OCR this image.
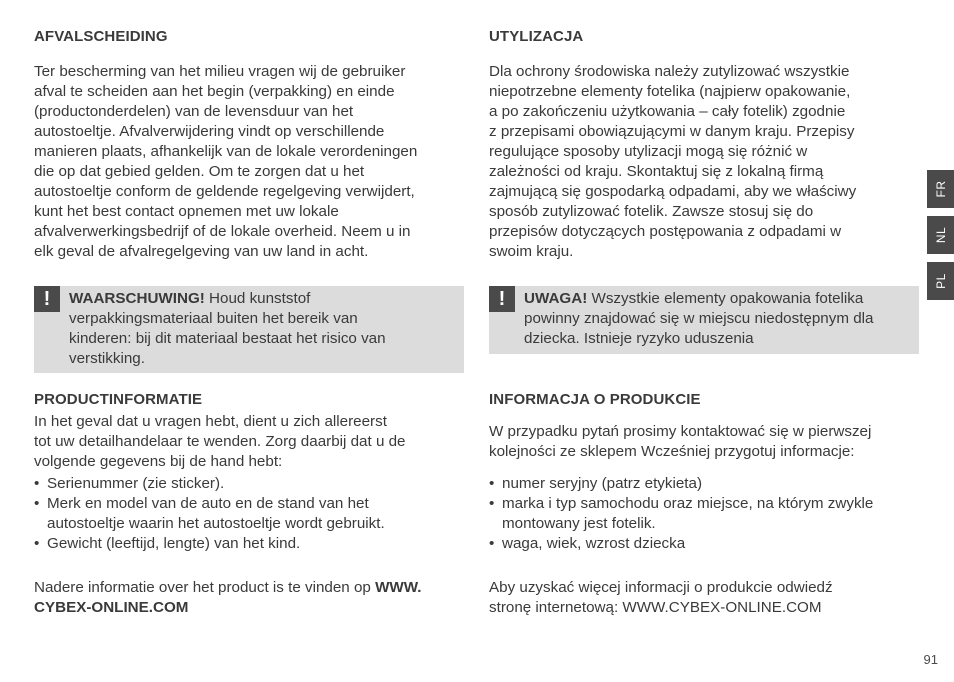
AFVALSCHEIDING
Ter bescherming van het milieu vragen wij de gebruiker
afval te scheiden aan het begin (verpakking) en einde
(productonderdelen) van de levensduur van het
autostoeltje. Afvalverwijdering vindt op verschillende
manieren plaats, afhankelijk van de lokale verordeningen
die op dat gebied gelden. Om te zorgen dat u het
autostoeltje conform de geldende regelgeving verwijdert,
kunt het best contact opnemen met uw lokale
afvalverwerkingsbedrijf of de lokale overheid. Neem u in
elk geval de afvalregelgeving van uw land in acht.
!	WAARSCHUWING! Houd kunststof
verpakkingsmateriaal buiten het bereik van
kinderen: bij dit materiaal bestaat het risico van
verstikking.
PRODUCTINFORMATIE
In het geval dat u vragen hebt, dient u zich allereerst
tot uw detailhandelaar te wenden. Zorg daarbij dat u de
volgende gegevens bij de hand hebt:
• Serienummer (zie sticker).
• Merk en model van de auto en de stand van het
autostoeltje waarin het autostoeltje wordt gebruikt.
• Gewicht (leeftijd, lengte) van het kind.
Nadere informatie over het product is te vinden op WWW.
CYBEX-ONLINE.COM
UTYLIZACJA
Dla ochrony środowiska należy zutylizować wszystkie
niepotrzebne elementy fotelika (najpierw opakowanie,
a po zakończeniu użytkowania – cały fotelik) zgodnie
z przepisami obowiązującymi w danym kraju. Przepisy
regulujące sposoby utylizacji mogą się różnić w
zależności od kraju. Skontaktuj się z lokalną firmą
zajmującą się gospodarką odpadami, aby we właściwy
sposób zutylizować fotelik. Zawsze stosuj się do
przepisów dotyczących postępowania z odpadami w
swoim kraju.
!	UWAGA! Wszystkie elementy opakowania fotelika
powinny znajdować się w miejscu niedostępnym dla
dziecka. Istnieje ryzyko uduszenia
INFORMACJA O PRODUKCIE
W przypadku pytań prosimy kontaktować się w pierwszej
kolejności ze sklepem Wcześniej przygotuj informacje:
• numer seryjny (patrz etykieta)
• marka i typ samochodu oraz miejsce, na którym zwykle
montowany jest fotelik.
• waga, wiek, wzrost dziecka
Aby uzyskać więcej informacji o produkcie odwiedź
stronę internetową: WWW.CYBEX-ONLINE.COM
FR
NL
PL
91
